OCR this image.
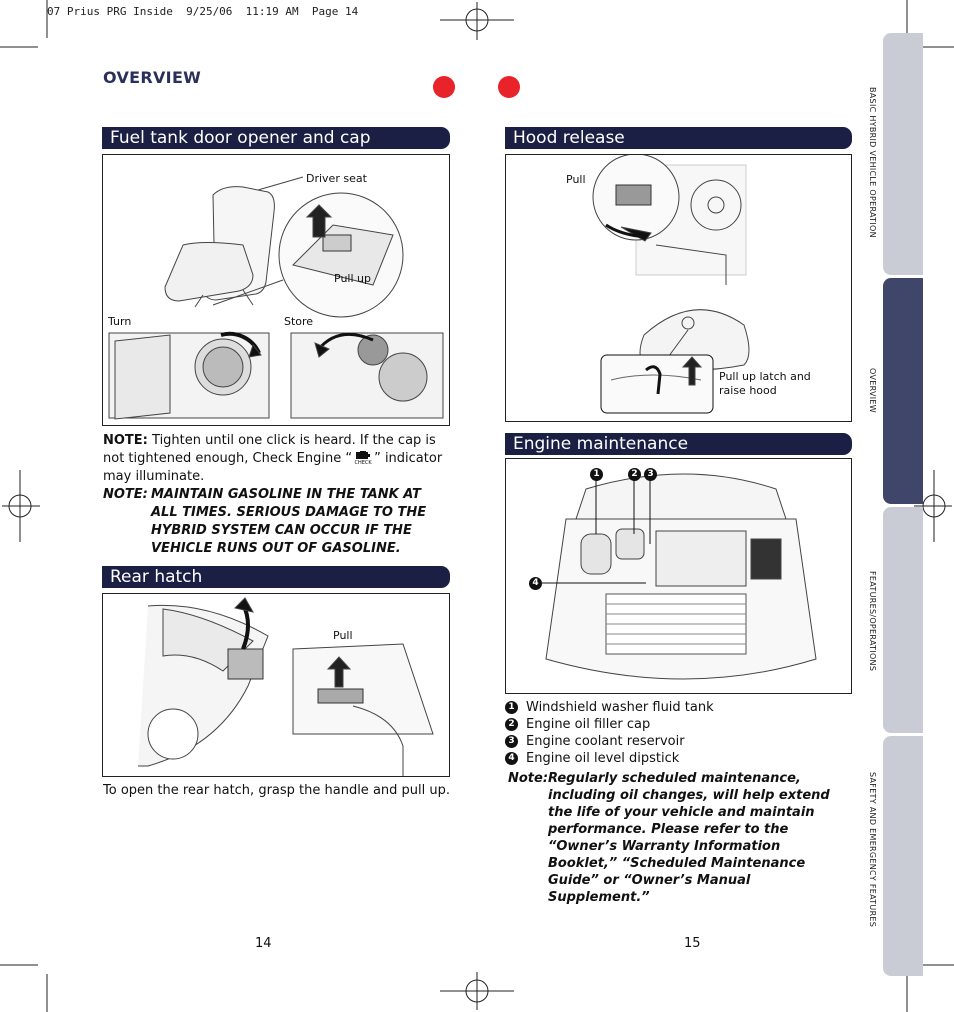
07 Prius PRG Inside  9/25/06  11:19 AM  Page 14
OVERVIEW
Fuel tank door opener and cap
Driver seat
Pull up
Turn	Store
NOTE: Tighten until one click is heard. If the cap is not tightened enough, Check Engine “ CHECK ” indicator may illuminate.
NOTE: MAINTAIN GASOLINE IN THE TANK AT ALL TIMES. SERIOUS DAMAGE TO THE HYBRID SYSTEM CAN OCCUR IF THE VEHICLE RUNS OUT OF GASOLINE.
Rear hatch
Pull
To open the rear hatch, grasp the handle and pull up.
14
Hood release
Pull
Pull up latch and raise hood
Engine maintenance
1	2	3
4
1 Windshield washer fluid tank
2 Engine oil filler cap
3 Engine coolant reservoir
4 Engine oil level dipstick
Note: Regularly scheduled maintenance, including oil changes, will help extend the life of your vehicle and maintain performance. Please refer to the “Owner’s Warranty Information Booklet,” “Scheduled Maintenance Guide” or “Owner’s Manual Supplement.”
15
BASIC HYBRID VEHICLE OPERATION
OVERVIEW
FEATURES/OPERATIONS
SAFETY AND EMERGENCY FEATURES
